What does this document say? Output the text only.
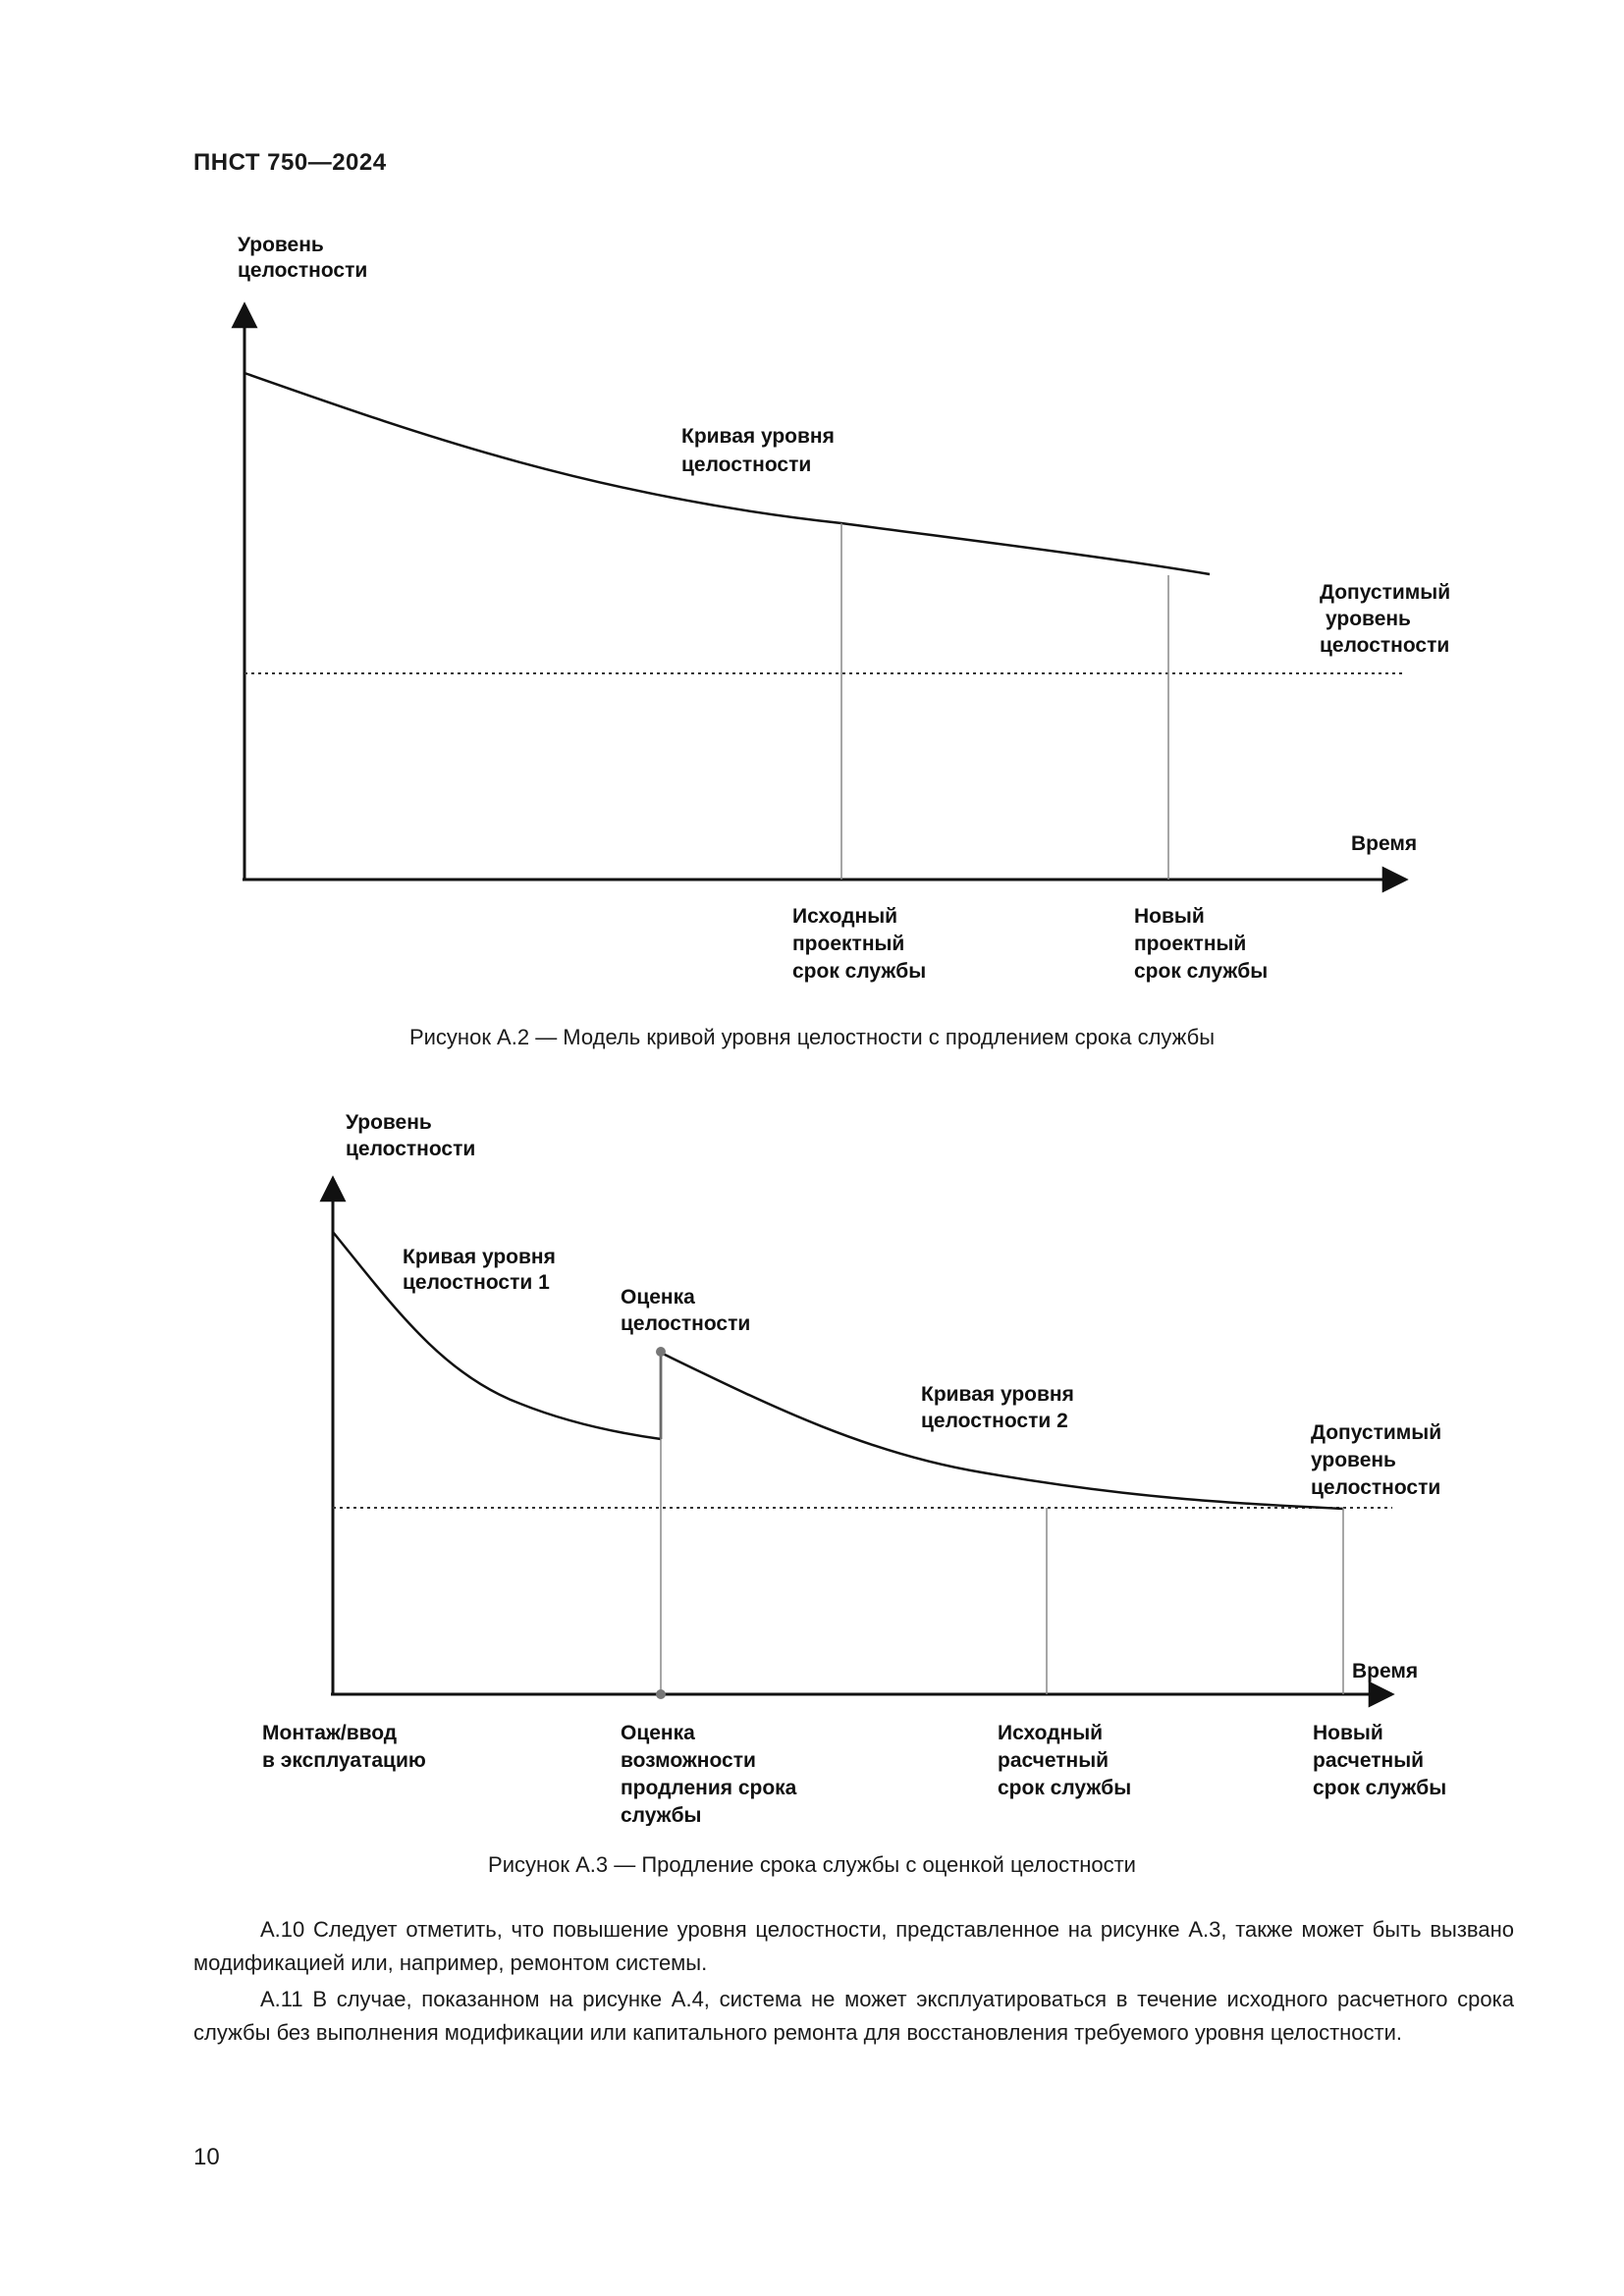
ПНСТ 750—2024
Уровень
целостности
Кривая уровня
целостности
Допустимый
уровень
целостности
Время
Исходный
проектный
срок службы
Новый
проектный
срок службы
Рисунок А.2 — Модель кривой уровня целостности с продлением срока службы
Уровень
целостности
Кривая уровня
целостности 1
Оценка
целостности
Кривая уровня
целостности 2
Допустимый
уровень
целостности
Время
Монтаж/ввод
в эксплуатацию
Оценка
возможности
продления срока
службы
Исходный
расчетный
срок службы
Новый
расчетный
срок службы
Рисунок А.3 — Продление срока службы с оценкой целостности
А.10 Следует отметить, что повышение уровня целостности, представленное на рисунке А.3, также может быть вызвано модификацией или, например, ремонтом системы.
А.11 В случае, показанном на рисунке А.4, система не может эксплуатироваться в течение исходного расчетного срока службы без выполнения модификации или капитального ремонта для восстановления требуемого уровня целостности.
10
